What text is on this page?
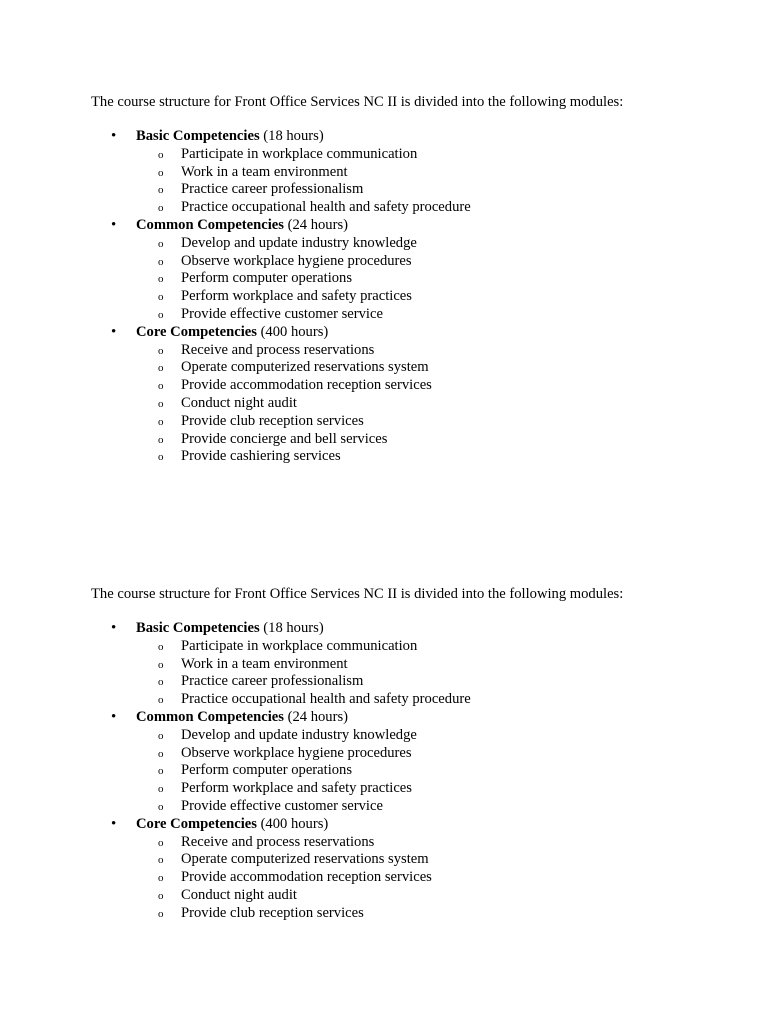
The course structure for Front Office Services NC II is divided into the following modules:

• Basic Competencies (18 hours)
o Participate in workplace communication
o Work in a team environment
o Practice career professionalism
o Practice occupational health and safety procedure
• Common Competencies (24 hours)
o Develop and update industry knowledge
o Observe workplace hygiene procedures
o Perform computer operations
o Perform workplace and safety practices
o Provide effective customer service
• Core Competencies (400 hours)
o Receive and process reservations
o Operate computerized reservations system
o Provide accommodation reception services
o Conduct night audit
o Provide club reception services
o Provide concierge and bell services
o Provide cashiering services

The course structure for Front Office Services NC II is divided into the following modules:

• Basic Competencies (18 hours)
o Participate in workplace communication
o Work in a team environment
o Practice career professionalism
o Practice occupational health and safety procedure
• Common Competencies (24 hours)
o Develop and update industry knowledge
o Observe workplace hygiene procedures
o Perform computer operations
o Perform workplace and safety practices
o Provide effective customer service
• Core Competencies (400 hours)
o Receive and process reservations
o Operate computerized reservations system
o Provide accommodation reception services
o Conduct night audit
o Provide club reception services
